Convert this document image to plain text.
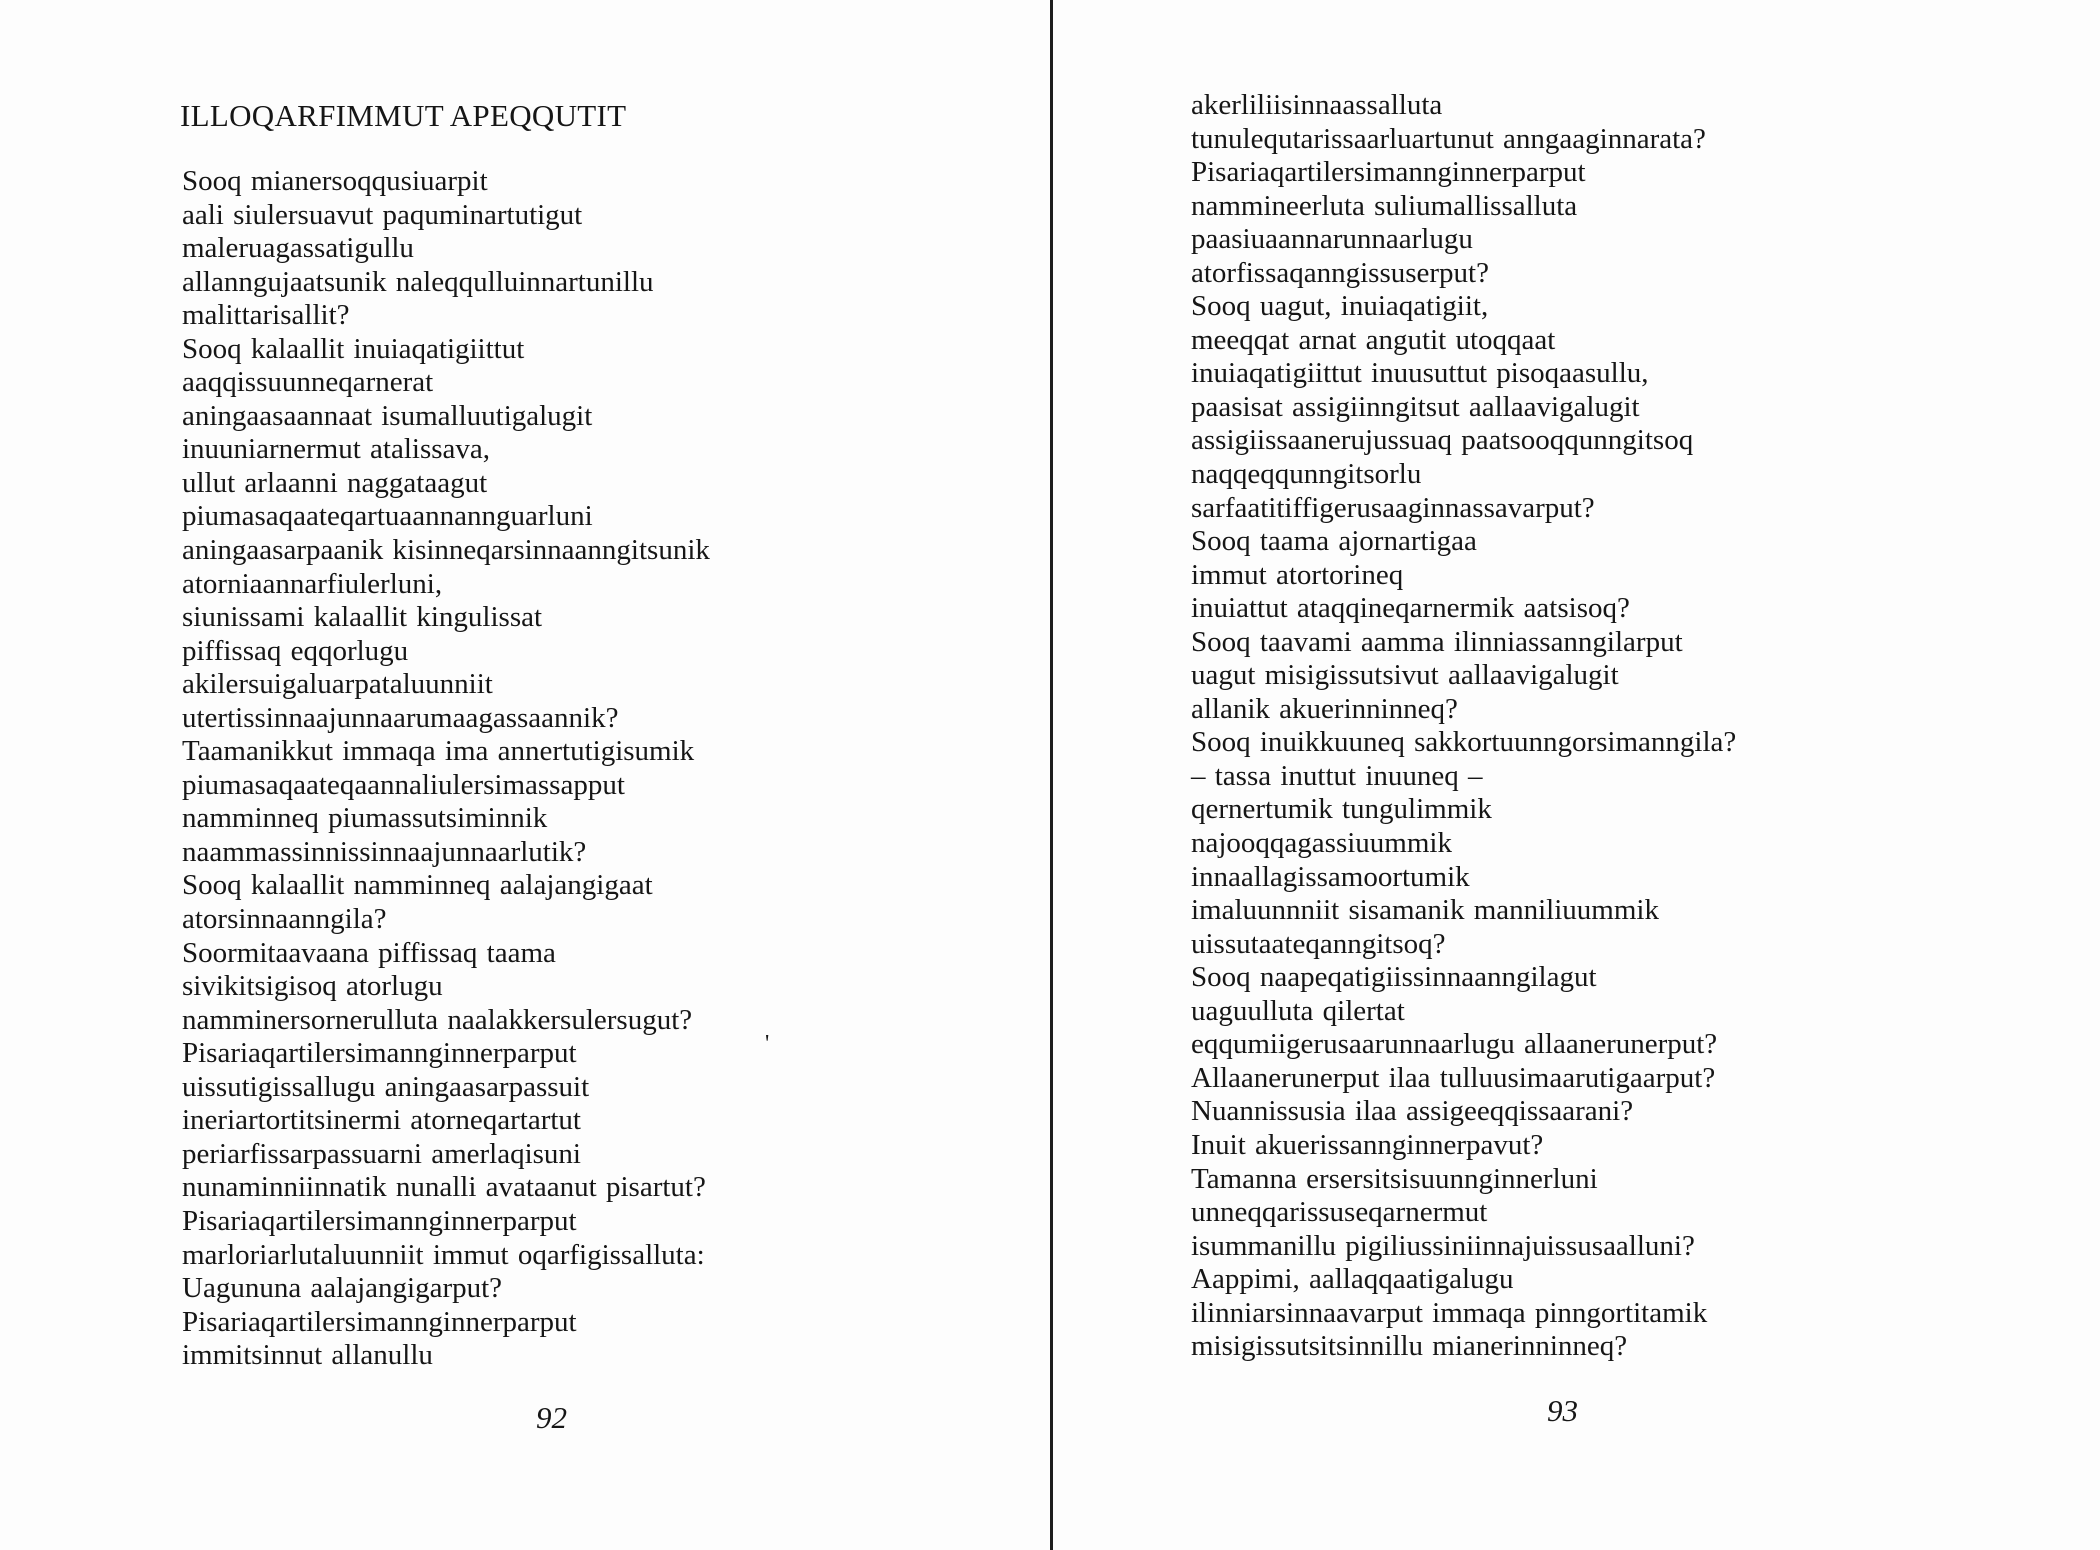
ILLOQARFIMMUT APEQQUTIT
Sooq mianersoqqusiuarpit
aali siulersuavut paquminartutigut
maleruagassatigullu
allanngujaatsunik naleqqulluinnartunillu
malittarisallit?
Sooq kalaallit inuiaqatigiittut
aaqqissuunneqarnerat
aningaasaannaat isumalluutigalugit
inuuniarnermut atalissava,
ullut arlaanni naggataagut
piumasaqaateqartuaannannguarluni
aningaasarpaanik kisinneqarsinnaanngitsunik
atorniaannarfiulerluni,
siunissami kalaallit kingulissat
piffissaq eqqorlugu
akilersuigaluarpataluunniit
utertissinnaajunnaarumaagassaannik?
Taamanikkut immaqa ima annertutigisumik
piumasaqaateqaannaliulersimassapput
namminneq piumassutsiminnik
naammassinnissinnaajunnaarlutik?
Sooq kalaallit namminneq aalajangigaat
atorsinnaanngila?
Soormitaavaana piffissaq taama
sivikitsigisoq atorlugu
namminersornerulluta naalakkersulersugut?
Pisariaqartilersimannginnerparput
uissutigissallugu aningaasarpassuit
ineriartortitsinermi atorneqartartut
periarfissarpassuarni amerlaqisuni
nunaminniinnatik nunalli avataanut pisartut?
Pisariaqartilersimannginnerparput
marloriarlutaluunniit immut oqarfigissalluta:
Uagununa aalajangigarput?
Pisariaqartilersimannginnerparput
immitsinnut allanullu
'
92
akerliliisinnaassalluta
tunulequtarissaarluartunut anngaaginnarata?
Pisariaqartilersimannginnerparput
nammineerluta suliumallissalluta
paasiuaannarunnaarlugu
atorfissaqanngissuserput?
Sooq uagut, inuiaqatigiit,
meeqqat arnat angutit utoqqaat
inuiaqatigiittut inuusuttut pisoqaasullu,
paasisat assigiinngitsut aallaavigalugit
assigiissaanerujussuaq paatsooqqunngitsoq
naqqeqqunngitsorlu
sarfaatitiffigerusaaginnassavarput?
Sooq taama ajornartigaa
immut atortorineq
inuiattut ataqqineqarnermik aatsisoq?
Sooq taavami aamma ilinniassanngilarput
uagut misigissutsivut aallaavigalugit
allanik akuerinninneq?
Sooq inuikkuuneq sakkortuunngorsimanngila?
– tassa inuttut inuuneq –
qernertumik tungulimmik
najooqqagassiuummik
innaallagissamoortumik
imaluunnniit sisamanik manniliuummik
uissutaateqanngitsoq?
Sooq naapeqatigiissinnaanngilagut
uaguulluta qilertat
eqqumiigerusaarunnaarlugu allaanerunerput?
Allaanerunerput ilaa tulluusimaarutigaarput?
Nuannissusia ilaa assigeeqqissaarani?
Inuit akuerissannginnerpavut?
Tamanna ersersitsisuunnginnerluni
unneqqarissuseqarnermut
isummanillu pigiliussiniinnajuissusaalluni?
Aappimi, aallaqqaatigalugu
ilinniarsinnaavarput immaqa pinngortitamik
misigissutsitsinnillu mianerinninneq?
93
